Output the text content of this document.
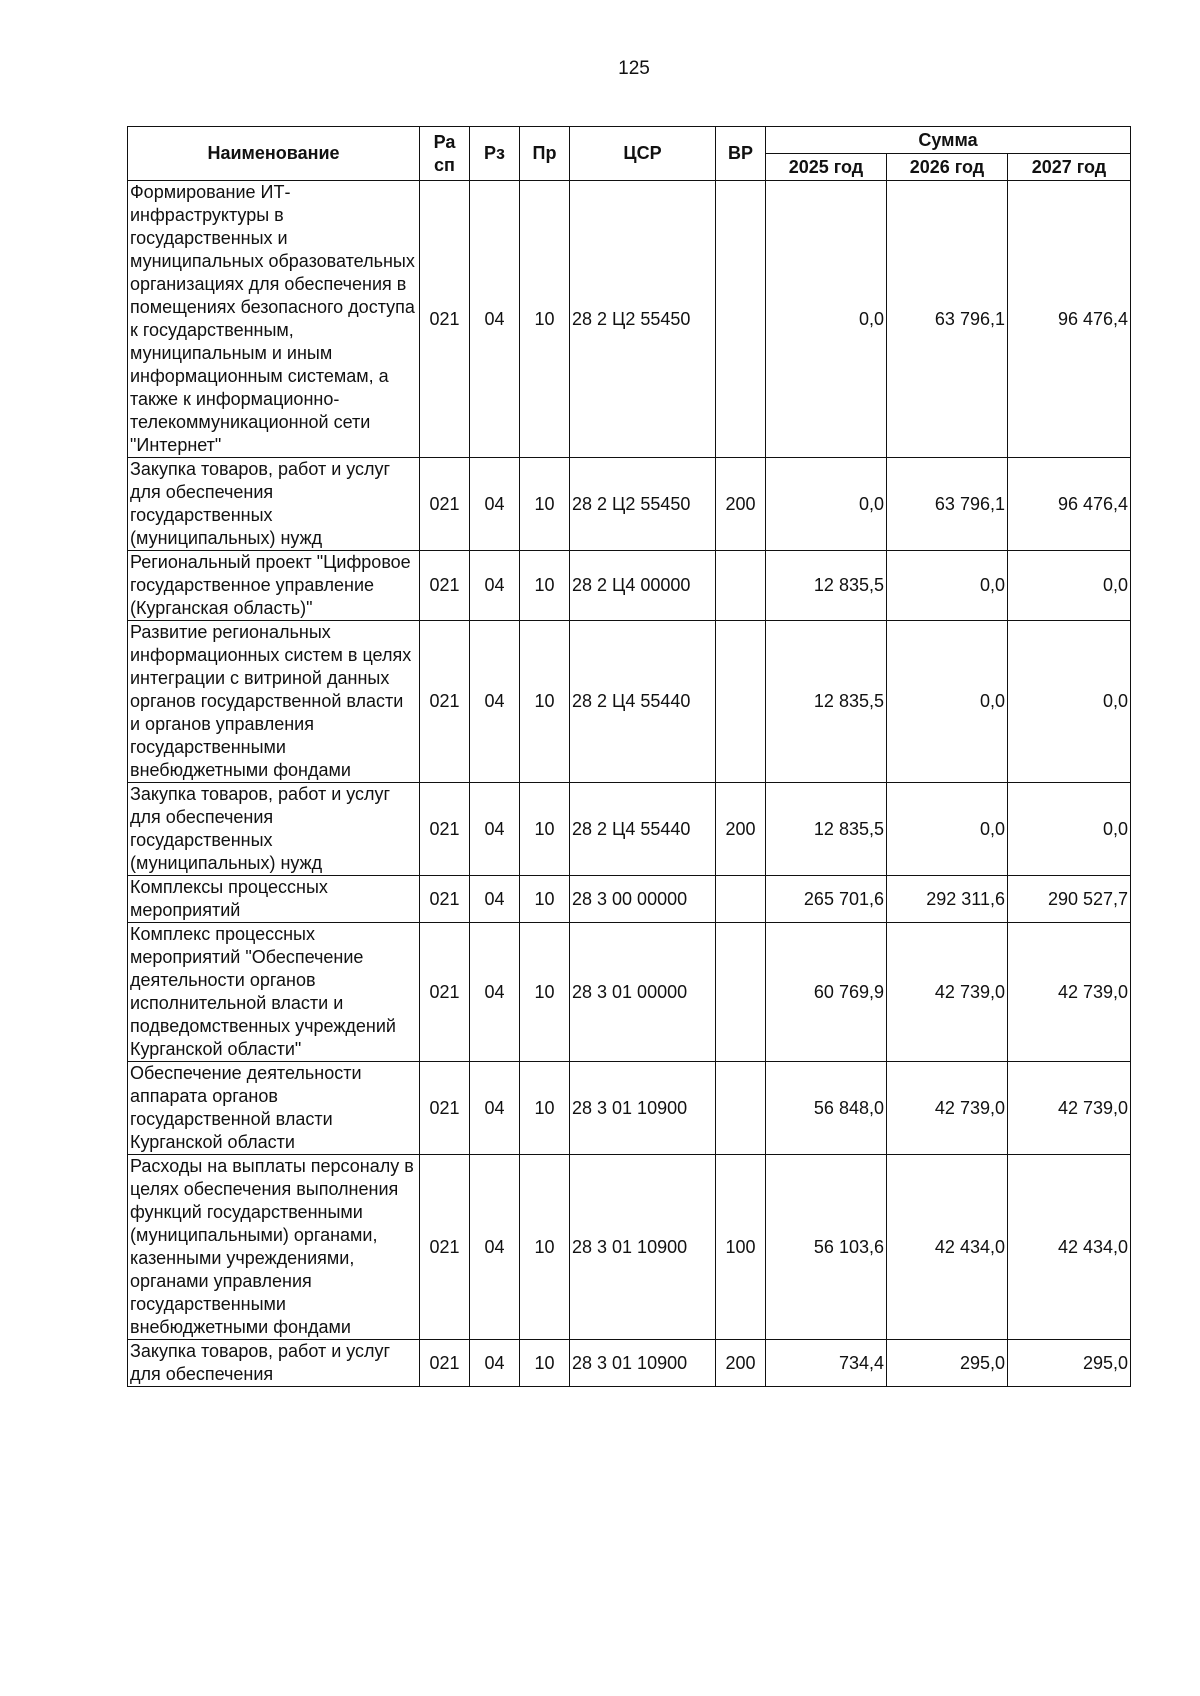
125
Наименование	Ра сп	Рз	Пр	ЦСР	ВР	Сумма		
						2025 год	2026 год	2027 год
Формирование ИТ-инфраструктуры в государственных и муниципальных образовательных организациях для обеспечения в помещениях безопасного доступа к государственным, муниципальным и иным информационным системам, а также к информационно-телекоммуникационной сети "Интернет"	021	04	10	28 2 Ц2 55450		0,0	63 796,1	96 476,4
Закупка товаров, работ и услуг для обеспечения государственных (муниципальных) нужд	021	04	10	28 2 Ц2 55450	200	0,0	63 796,1	96 476,4
Региональный проект "Цифровое государственное управление (Курганская область)"	021	04	10	28 2 Ц4 00000		12 835,5	0,0	0,0
Развитие региональных информационных систем в целях интеграции с витриной данных органов государственной власти и органов управления государственными внебюджетными фондами	021	04	10	28 2 Ц4 55440		12 835,5	0,0	0,0
Закупка товаров, работ и услуг для обеспечения государственных (муниципальных) нужд	021	04	10	28 2 Ц4 55440	200	12 835,5	0,0	0,0
Комплексы процессных мероприятий	021	04	10	28 3 00 00000		265 701,6	292 311,6	290 527,7
Комплекс процессных мероприятий "Обеспечение деятельности органов исполнительной власти и подведомственных учреждений Курганской области"	021	04	10	28 3 01 00000		60 769,9	42 739,0	42 739,0
Обеспечение деятельности аппарата органов государственной власти Курганской области	021	04	10	28 3 01 10900		56 848,0	42 739,0	42 739,0
Расходы на выплаты персоналу в целях обеспечения выполнения функций государственными (муниципальными) органами, казенными учреждениями, органами управления государственными внебюджетными фондами	021	04	10	28 3 01 10900	100	56 103,6	42 434,0	42 434,0
Закупка товаров, работ и услуг для обеспечения	021	04	10	28 3 01 10900	200	734,4	295,0	295,0
